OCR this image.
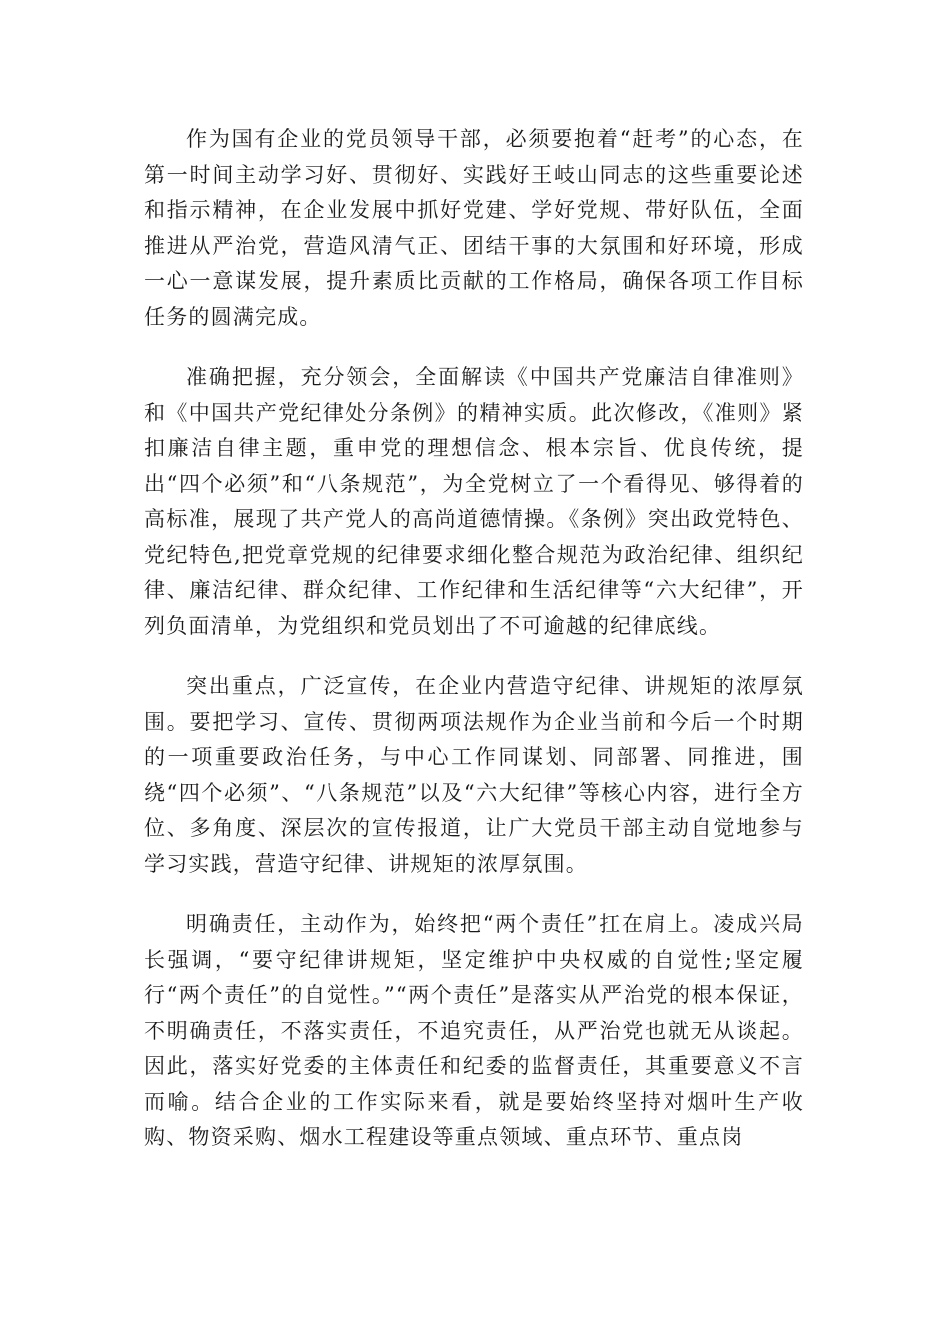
作为国有企业的党员领导干部，必须要抱着“赶考”的心态，在第一时间主动学习好、贯彻好、实践好王岐山同志的这些重要论述和指示精神，在企业发展中抓好党建、学好党规、带好队伍，全面推进从严治党，营造风清气正、团结干事的大氛围和好环境，形成一心一意谋发展，提升素质比贡献的工作格局，确保各项工作目标任务的圆满完成。

准确把握，充分领会，全面解读《中国共产党廉洁自律准则》和《中国共产党纪律处分条例》的精神实质。此次修改，《准则》紧扣廉洁自律主题，重申党的理想信念、根本宗旨、优良传统，提出“四个必须”和“八条规范”，为全党树立了一个看得见、够得着的高标准，展现了共产党人的高尚道德情操。《条例》突出政党特色、党纪特色,把党章党规的纪律要求细化整合规范为政治纪律、组织纪律、廉洁纪律、群众纪律、工作纪律和生活纪律等“六大纪律”，开列负面清单，为党组织和党员划出了不可逾越的纪律底线。

突出重点，广泛宣传，在企业内营造守纪律、讲规矩的浓厚氛围。要把学习、宣传、贯彻两项法规作为企业当前和今后一个时期的一项重要政治任务，与中心工作同谋划、同部署、同推进，围绕“四个必须”、“八条规范”以及“六大纪律”等核心内容，进行全方位、多角度、深层次的宣传报道，让广大党员干部主动自觉地参与学习实践，营造守纪律、讲规矩的浓厚氛围。

明确责任，主动作为，始终把“两个责任”扛在肩上。凌成兴局长强调，“要守纪律讲规矩，坚定维护中央权威的自觉性;坚定履行“两个责任”的自觉性。”“两个责任”是落实从严治党的根本保证，不明确责任，不落实责任，不追究责任，从严治党也就无从谈起。因此，落实好党委的主体责任和纪委的监督责任，其重要意义不言而喻。结合企业的工作实际来看，就是要始终坚持对烟叶生产收购、物资采购、烟水工程建设等重点领域、重点环节、重点岗
